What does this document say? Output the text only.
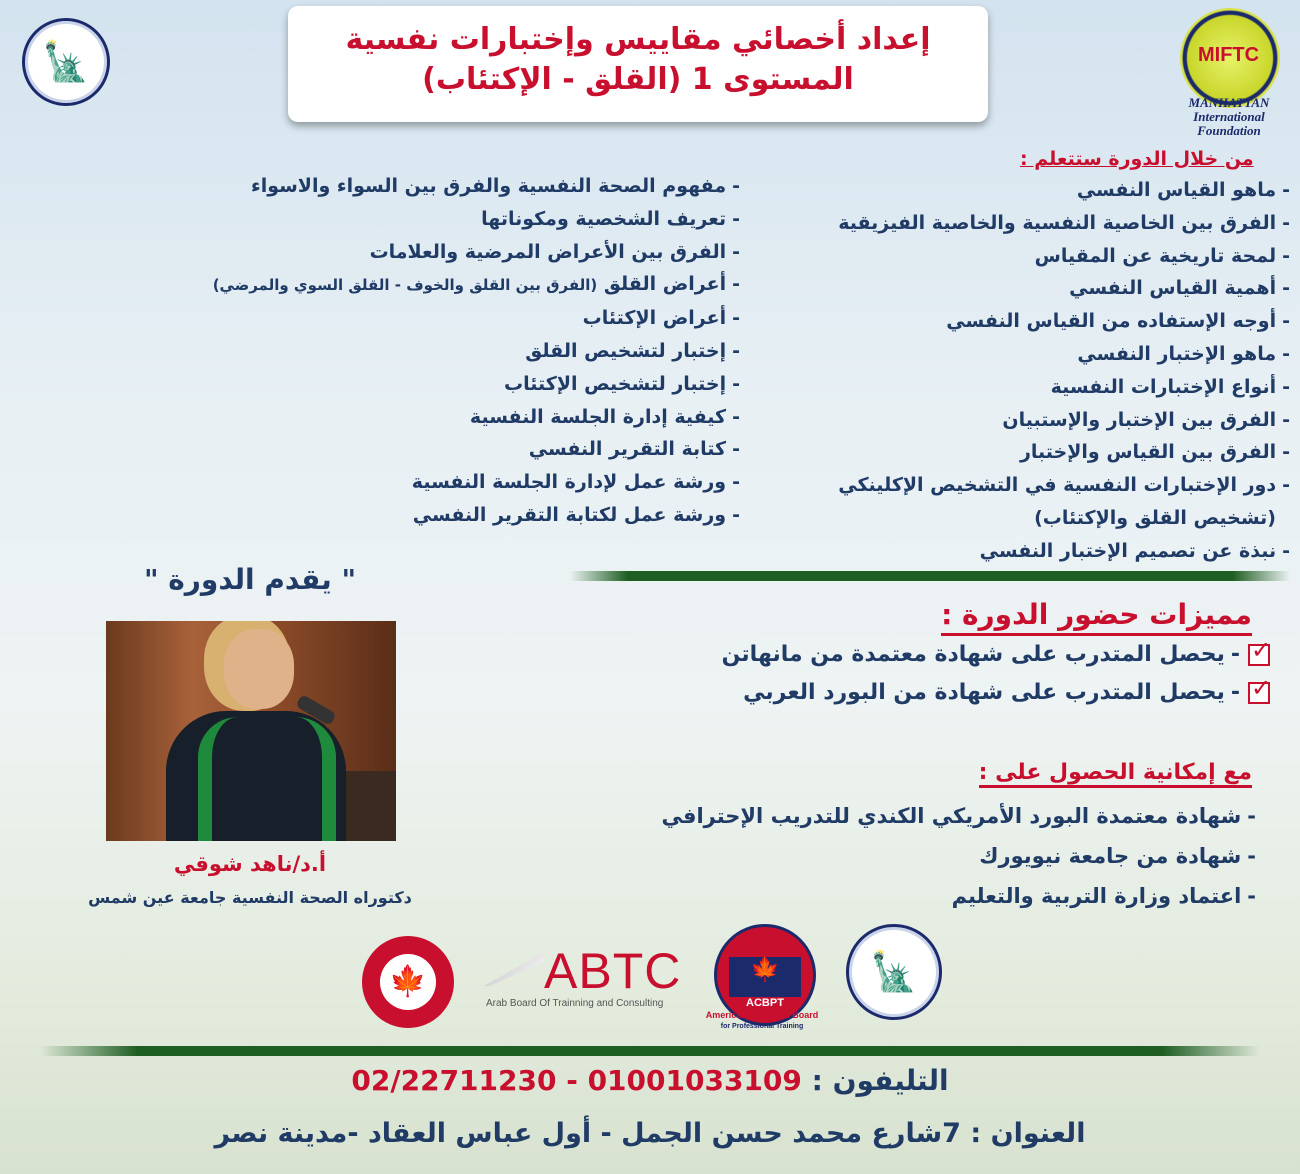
إعداد أخصائي مقاييس وإختبارات نفسية
المستوى 1 (القلق - الإكتئاب)
🗽	MIFTC
MANHATTAN International Foundation
من خلال الدورة ستتعلم :
-ماهو القياس النفسي
-الفرق بين الخاصية النفسية والخاصية الفيزيقية
-لمحة تاريخية عن المقياس
-أهمية القياس النفسي
-أوجه الإستفاده من القياس النفسي
-ماهو الإختبار النفسي
-أنواع الإختبارات النفسية
-الفرق بين الإختبار والإستبيان
-الفرق بين القياس والإختبار
-دور الإختبارات النفسية في التشخيص الإكلينكي
(تشخيص القلق والإكتئاب)
-نبذة عن تصميم الإختبار النفسي
-مفهوم الصحة النفسية والفرق بين السواء والاسواء
-تعريف الشخصية ومكوناتها
-الفرق بين الأعراض المرضية والعلامات
-أعراض القلق (الفرق بين القلق والخوف - القلق السوي والمرضي)
-أعراض الإكتئاب
-إختبار لتشخيص القلق
-إختبار لتشخيص الإكتئاب
-كيفية إدارة الجلسة النفسية
-كتابة التقرير النفسي
-ورشة عمل لإدارة الجلسة النفسية
-ورشة عمل لكتابة التقرير النفسي
" يقدم الدورة "
أ.د/ناهد شوقي
دكتوراه الصحة النفسية جامعة عين شمس
مميزات حضور الدورة :
✓
-
يحصل المتدرب على شهادة معتمدة من مانهاتن
✓
-
يحصل المتدرب على شهادة من البورد العربي
مع إمكانية الحصول على :
-شهادة معتمدة البورد الأمريكي الكندي للتدريب الإحترافي
-شهادة من جامعة نيويورك
-اعتماد وزارة التربية والتعليم
🍁 ABTC
Arab Board Of Trainning and Consulting
🍁
ACBPT
American Canadian Board
for Professional Training
🗽
التليفون : 02/22711230 - 01001033109
العنوان : 7شارع محمد حسن الجمل - أول عباس العقاد -مدينة نصر
